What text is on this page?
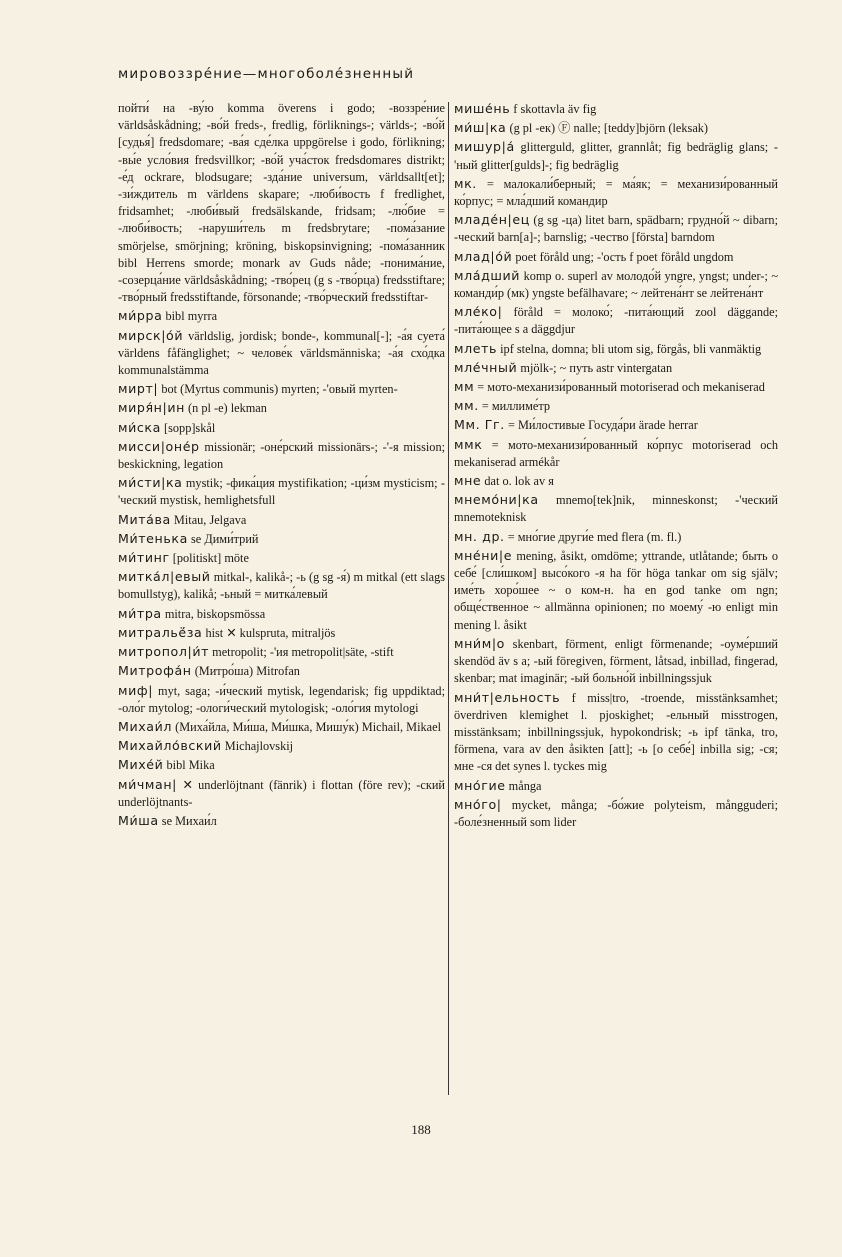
мировоззре́ние—многоболе́зненный
пойти́ на -ву́ю komma överens i godo; -воззре́ние världsåskådning; -во́й freds-, fredlig, förliknings-; världs-; -во́й [судья́] fredsdomare; -ва́я сде́лка uppgörelse i godo, förlikning; -вы́е усло́вия fredsvillkor; -во́й уча́сток fredsdomares distrikt; -е́д ockrare, blodsugare; -зда́ние universum, världsallt[et]; -зи́ждитель m världens skapare; -люби́вость f fredlighet, fridsamhet; -люби́вый fredsälskande, fridsam; -лю́бие = -люби́вость; -наруши́тель m fredsbrytare; -пома́зание smörjelse, smörjning; kröning, biskopsinvigning; -пома́занник bibl Herrens smorde; monark av Guds nåde; -понима́ние, -созерца́ние världsåskådning; -тво́рец (g s -тво́рца) fredsstiftare; -тво́рный fredsstiftande, försonande; -тво́рческий fredsstiftar-
ми́рра bibl myrra
мирск|о́й världslig, jordisk; bonde-, kommunal[-]; -а́я суета́ världens fåfänglighet; ~ челове́к världsmänniska; -а́я схо́дка kommunalstämma
мирт| bot (Myrtus communis) myrten; -'овый myrten-
миря́н|ин (n pl -е) lekman
ми́ска [sopp]skål
мисси|оне́р missionär; -оне́рский missionärs-; -'-я mission; beskickning, legation
ми́сти|ка mystik; -фика́ция mystifikation; -ци́зм mysticism; -'ческий mystisk, hemlighetsfull
Мита́ва Mitau, Jelgava
Ми́тенька se Дими́трий
ми́тинг [politiskt] möte
митка́л|евый mitkal-, kalikå-; -ь (g sg -я́) m mitkal (ett slags bomullstyg), kalikå; -ьный = митка́левый
ми́тра mitra, biskopsmössa
митральё́за hist ✕ kulspruta, mitraljös
митропол|и́т metropolit; -'ия metropolit|säte, -stift
Митрофа́н (Митро́ша) Mitrofan
миф| myt, saga; -и́ческий mytisk, legendarisk; fig uppdiktad; -оло́г mytolog; -ологи́ческий mytologisk; -оло́гия mytologi
Михаи́л (Миха́йла, Ми́ша, Ми́шка, Мишу́к) Michail, Mikael
Михайло́вский Michajlovskij
Михе́й bibl Mika
ми́чман| ✕ underlöjtnant (fänrik) i flottan (före rev); -ский underlöjtnants-
Ми́ша se Михаи́л
мише́нь f skottavla äv fig
ми́ш|ка (g pl -ек) Ⓕ nalle; [teddy]björn (leksak)
мишур|а́ glitterguld, glitter, grannlåt; fig bedräglig glans; -'ный glitter[gulds]-; fig bedräglig
мк. = малокали́берный; = ма́як; = механизи́рованный ко́рпус; = мла́дший командир
младе́н|ец (g sg -ца) litet barn, spädbarn; грудно́й ~ dibarn; -ческий barn[a]-; barnslig; -чество [första] barndom
млад|о́й poet föråld ung; -'ость f poet föråld ungdom
мла́дший komp o. superl av молодо́й yngre, yngst; under-; ~ команди́р (мк) yngste befälhavare; ~ лейтена́нт se лейтена́нт
мле́ко| föråld = молоко́; -пита́ющий zool däggande; -пита́ющее s a däggdjur
млеть ipf stelna, domna; bli utom sig, förgås, bli vanmäktig
мле́чный mjölk-; ~ путь astr vintergatan
мм = мото-механизи́рованный motoriserad och mekaniserad
мм. = миллиме́тр
Мм. Гг. = Ми́лостивые Госуда́ри ärade herrar
ммк = мото-механизи́рованный ко́рпус motoriserad och mekaniserad armékår
мне dat o. lok av я
мнемо́ни|ка mnemo[tek]nik, minneskonst; -'ческий mnemoteknisk
мн. др. = мно́гие други́е med flera (m. fl.)
мне́ни|е mening, åsikt, omdöme; yttrande, utlåtande; быть о себе́ [сли́шком] высо́кого -я ha för höga tankar om sig själv; име́ть хоро́шее ~ о ком-н. ha en god tanke om ngn; обще́ственное ~ allmänna opinionen; по моему́ -ю enligt min mening l. åsikt
мни́м|о skenbart, förment, enligt förmenande; -оуме́рший skendöd äv s a; -ый föregiven, förment, låtsad, inbillad, fingerad, skenbar; mat imaginär; -ый больно́й inbillningssjuk
мни́т|ельность f miss|tro, -troende, misstänksamhet; överdriven klemighet l. pjoskighet; -ельный misstrogen, misstänksam; inbillningssjuk, hypokondrisk; -ь ipf tänka, tro, förmena, vara av den åsikten [att]; -ь [о себе́] inbilla sig; -ся; мне -ся det synes l. tyckes mig
мно́гие många
мно́го| mycket, många; -бо́жие polyteism, mångguderi; -боле́зненный som lider
188
